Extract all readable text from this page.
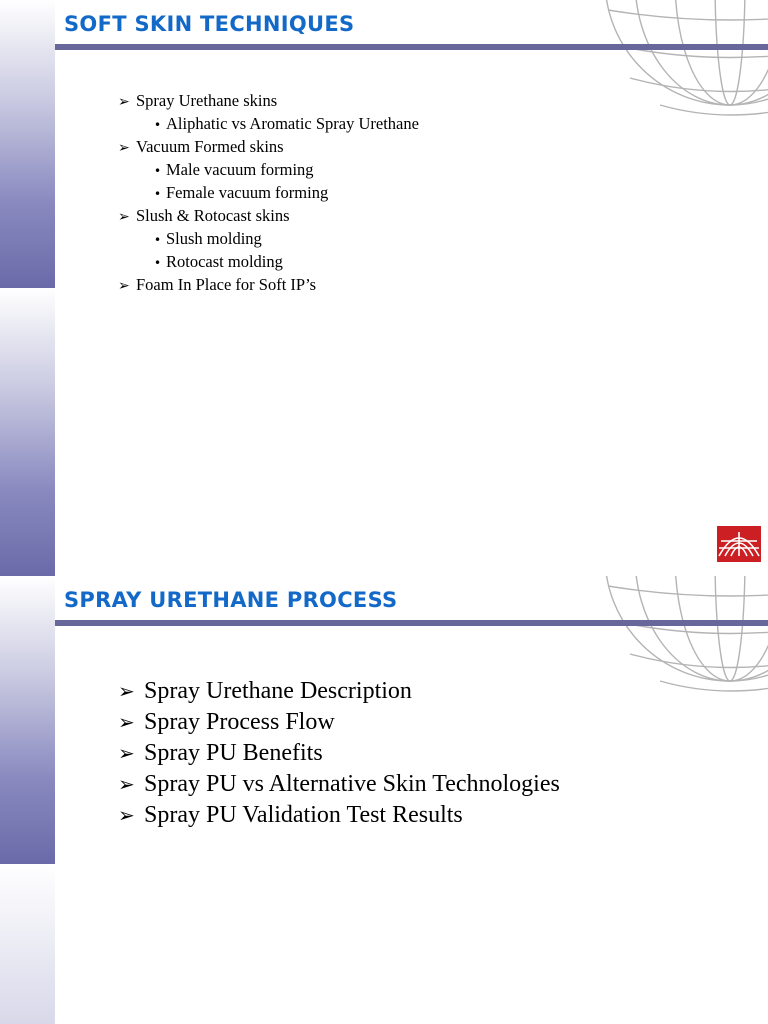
SOFT SKIN TECHNIQUES
➢ Spray Urethane skins
• Aliphatic vs Aromatic Spray Urethane
➢ Vacuum Formed skins
• Male vacuum forming
• Female vacuum forming
➢ Slush & Rotocast skins
• Slush molding
• Rotocast molding
➢ Foam In Place for Soft IP’s
SPRAY URETHANE PROCESS
➢ Spray Urethane Description
➢ Spray Process Flow
➢ Spray PU Benefits
➢ Spray PU vs Alternative Skin Technologies
➢ Spray PU Validation Test Results
